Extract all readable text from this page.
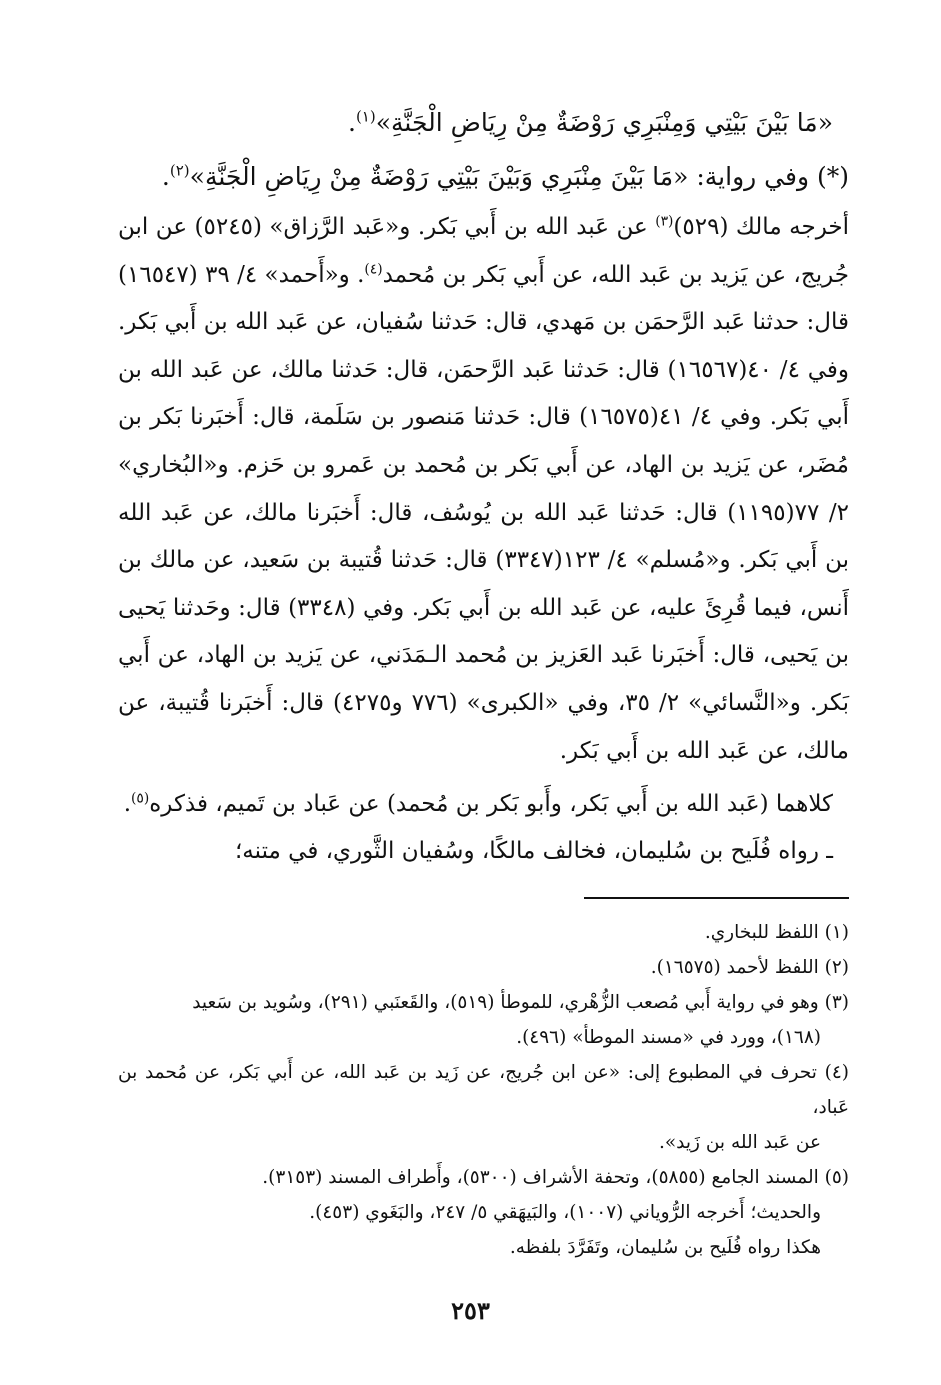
«مَا بَيْنَ بَيْتِي وَمِنْبَرِي رَوْضَةٌ مِنْ رِيَاضِ الْجَنَّةِ»$^{(١)}$.

(*) وفي رواية: «مَا بَيْنَ مِنْبَرِي وَبَيْنَ بَيْتِي رَوْضَةٌ مِنْ رِيَاضِ الْجَنَّةِ»$^{(٢)}$.

أخرجه مالك (٥٢٩)$^{(٣)}$ عن عَبد الله بن أَبي بَكر. و«عَبد الرَّزاق» (٥٢٤٥) عن ابن جُريج، عن يَزيد بن عَبد الله، عن أَبي بَكر بن مُحمد$^{(٤)}$. و«أَحمد» ٤/ ٣٩ (١٦٥٤٧) قال: حدثنا عَبد الرَّحمَن بن مَهدي، قال: حَدثنا سُفيان، عن عَبد الله بن أَبي بَكر. وفي ٤/ ٤٠(١٦٥٦٧) قال: حَدثنا عَبد الرَّحمَن، قال: حَدثنا مالك، عن عَبد الله بن أَبي بَكر. وفي ٤/ ٤١(١٦٥٧٥) قال: حَدثنا مَنصور بن سَلَمة، قال: أَخبَرنا بَكر بن مُضَر، عن يَزيد بن الهاد، عن أَبي بَكر بن مُحمد بن عَمرو بن حَزم. و«البُخاري» ٢/ ٧٧(١١٩٥) قال: حَدثنا عَبد الله بن يُوسُف، قال: أَخبَرنا مالك، عن عَبد الله بن أَبي بَكر. و«مُسلم» ٤/ ١٢٣(٣٣٤٧) قال: حَدثنا قُتيبة بن سَعيد، عن مالك بن أَنس، فيما قُرِئَ عليه، عن عَبد الله بن أَبي بَكر. وفي (٣٣٤٨) قال: وحَدثنا يَحيى بن يَحيى، قال: أَخبَرنا عَبد العَزيز بن مُحمد الـمَدَني، عن يَزيد بن الهاد، عن أَبي بَكر. و«النَّسائي» ٢/ ٣٥، وفي «الكبرى» (٧٧٦ و٤٢٧٥) قال: أَخبَرنا قُتيبة، عن مالك، عن عَبد الله بن أَبي بَكر.

كلاهما (عَبد الله بن أَبي بَكر، وأَبو بَكر بن مُحمد) عن عَباد بن تَميم، فذكره$^{(٥)}$.

ـ رواه فُلَيح بن سُليمان، فخالف مالكًا، وسُفيان الثَّوري، في متنه؛

(١) اللفظ للبخاري.

(٢) اللفظ لأحمد (١٦٥٧٥).

(٣) وهو في رواية أَبي مُصعب الزُّهْري، للموطأ (٥١٩)، والقَعنَبي (٢٩١)، وسُويد بن سَعيد
(١٦٨)، وورد في «مسند الموطأ» (٤٩٦).

(٤) تحرف في المطبوع إلى: «عن ابن جُريج، عن زَيد بن عَبد الله، عن أَبي بَكر، عن مُحمد بن عَباد،
عن عَبد الله بن زَيد».

(٥) المسند الجامع (٥٨٥٥)، وتحفة الأشراف (٥٣٠٠)، وأَطراف المسند (٣١٥٣).

والحديث؛ أَخرجه الرُّوياني (١٠٠٧)، والبَيهَقي ٥/ ٢٤٧، والبَغَوي (٤٥٣).

هكذا رواه فُلَيح بن سُليمان، وتَفَرَّدَ بلفظه.

٢٥٣
